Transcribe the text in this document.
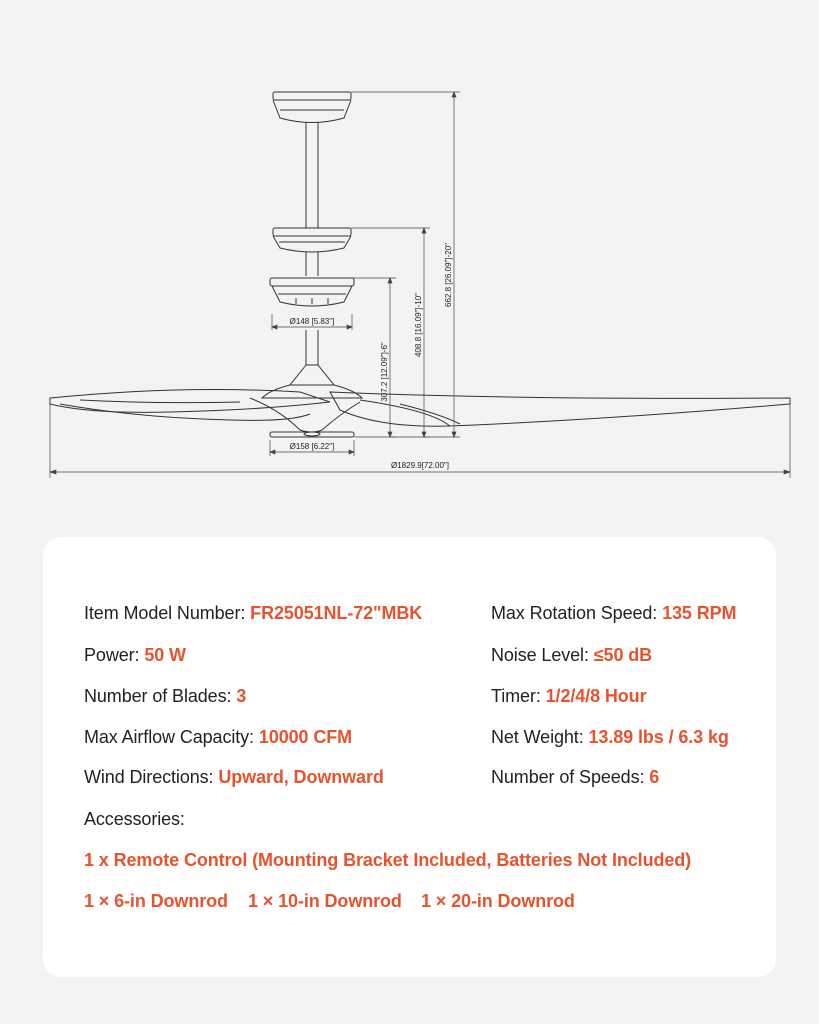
Ø148 [5.83"]
Ø158 [6.22"]
Ø1829.9[72.00"]
307.2 [12.09"]-6"
408.8 [16.09"]-10"
662.8 [26.09"]-20"
Item Model Number: FR25051NL-72"MBK
Power: 50 W
Number of Blades: 3
Max Airflow Capacity: 10000 CFM
Wind Directions: Upward, Downward
Max Rotation Speed: 135 RPM
Noise Level: ≤50 dB
Timer: 1/2/4/8 Hour
Net Weight: 13.89 lbs / 6.3 kg
Number of Speeds: 6
Accessories:
1 x Remote Control (Mounting Bracket Included, Batteries Not Included)
1 × 6-in Downrod 1 × 10-in Downrod 1 × 20-in Downrod
